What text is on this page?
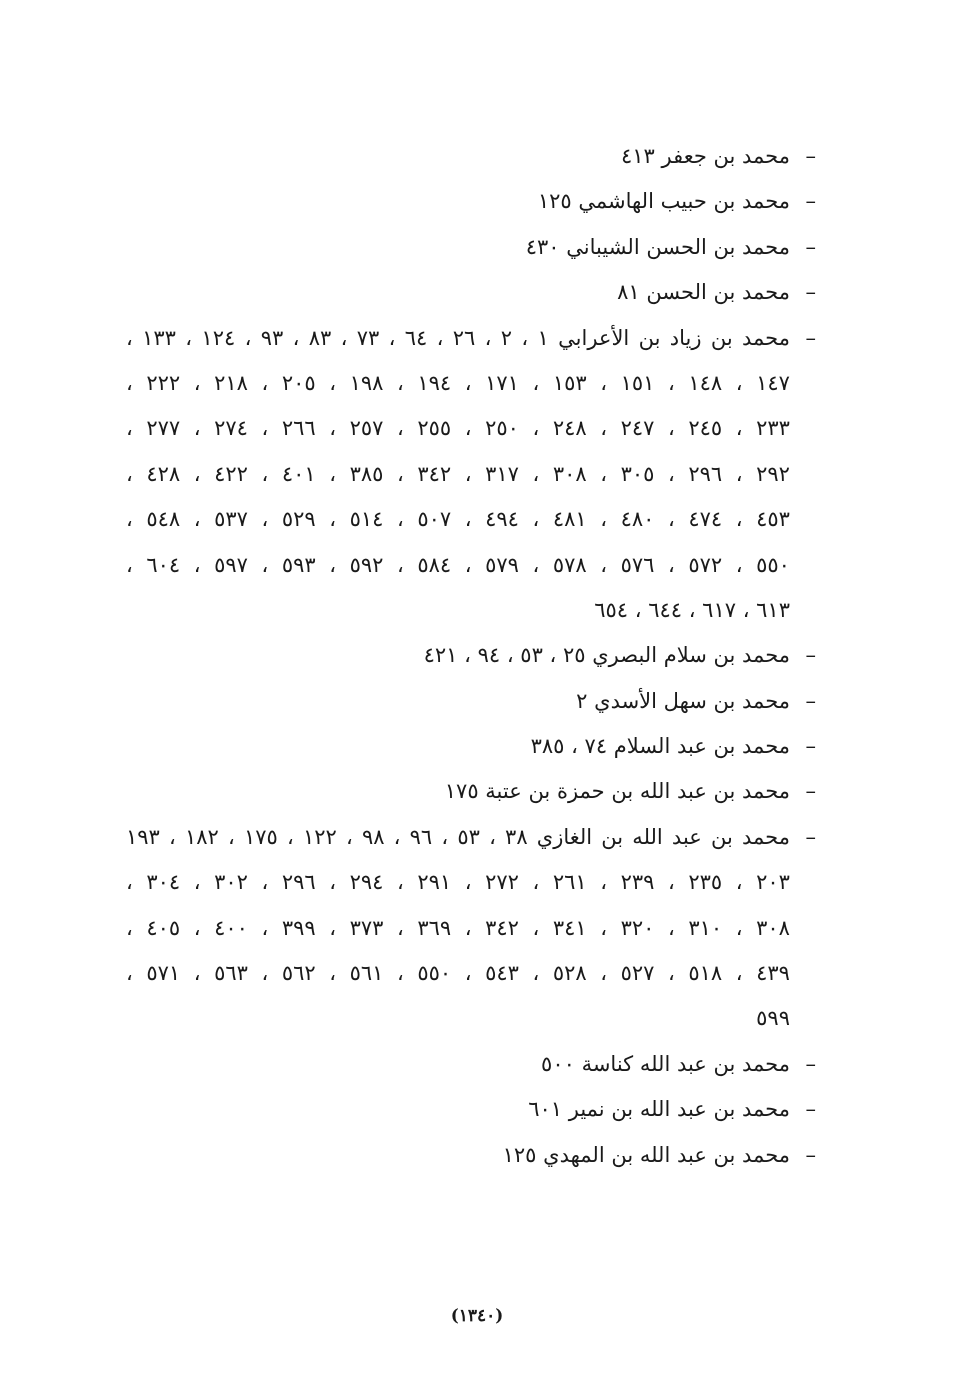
–محمد بن جعفر ٤١٣
–محمد بن حبيب الهاشمي ١٢٥
–محمد بن الحسن الشيباني ٤٣٠
–محمد بن الحسن ٨١
–محمد بن زياد بن الأعرابي ١ ، ٢ ، ٢٦ ، ٦٤ ، ٧٣ ، ٨٣ ، ٩٣ ، ١٢٤ ، ١٣٣ ،
١٤٧ ، ١٤٨ ، ١٥١ ، ١٥٣ ، ١٧١ ، ١٩٤ ، ١٩٨ ، ٢٠٥ ، ٢١٨ ، ٢٢٢ ،
٢٣٣ ، ٢٤٥ ، ٢٤٧ ، ٢٤٨ ، ٢٥٠ ، ٢٥٥ ، ٢٥٧ ، ٢٦٦ ، ٢٧٤ ، ٢٧٧ ،
٢٩٢ ، ٢٩٦ ، ٣٠٥ ، ٣٠٨ ، ٣١٧ ، ٣٤٢ ، ٣٨٥ ، ٤٠١ ، ٤٢٢ ، ٤٢٨ ،
٤٥٣ ، ٤٧٤ ، ٤٨٠ ، ٤٨١ ، ٤٩٤ ، ٥٠٧ ، ٥١٤ ، ٥٢٩ ، ٥٣٧ ، ٥٤٨ ،
٥٥٠ ، ٥٧٢ ، ٥٧٦ ، ٥٧٨ ، ٥٧٩ ، ٥٨٤ ، ٥٩٢ ، ٥٩٣ ، ٥٩٧ ، ٦٠٤ ،
٦١٣ ، ٦١٧ ، ٦٤٤ ، ٦٥٤
–محمد بن سلام البصري ٢٥ ، ٥٣ ، ٩٤ ، ٤٢١
–محمد بن سهل الأسدي ٢
–محمد بن عبد السلام ٧٤ ، ٣٨٥
–محمد بن عبد الله بن حمزة بن عتبة ١٧٥
–محمد بن عبد الله بن الغازي ٣٨ ، ٥٣ ، ٩٦ ، ٩٨ ، ١٢٢ ، ١٧٥ ، ١٨٢ ، ١٩٣
٢٠٣ ، ٢٣٥ ، ٢٣٩ ، ٢٦١ ، ٢٧٢ ، ٢٩١ ، ٢٩٤ ، ٢٩٦ ، ٣٠٢ ، ٣٠٤ ،
٣٠٨ ، ٣١٠ ، ٣٢٠ ، ٣٤١ ، ٣٤٢ ، ٣٦٩ ، ٣٧٣ ، ٣٩٩ ، ٤٠٠ ، ٤٠٥ ،
٤٣٩ ، ٥١٨ ، ٥٢٧ ، ٥٢٨ ، ٥٤٣ ، ٥٥٠ ، ٥٦١ ، ٥٦٢ ، ٥٦٣ ، ٥٧١ ،
٥٩٩
–محمد بن عبد الله كناسة ٥٠٠
–محمد بن عبد الله بن نمير ٦٠١
–محمد بن عبد الله بن المهدي ١٢٥
(١٣٤٠)
